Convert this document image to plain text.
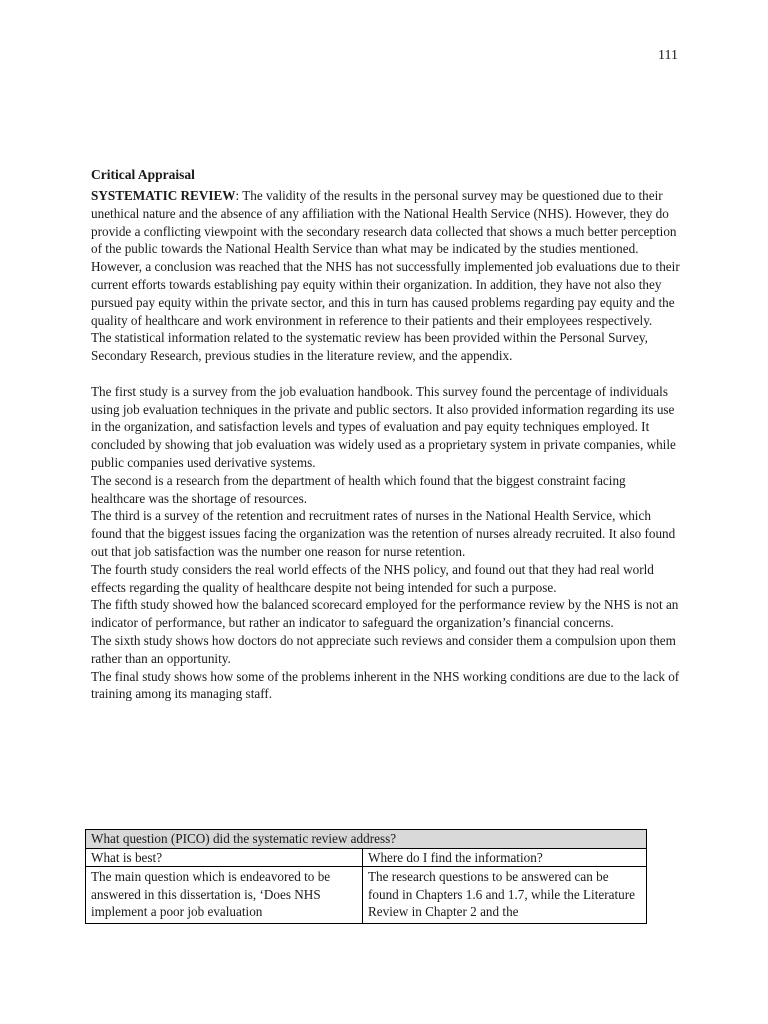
111
Critical Appraisal

SYSTEMATIC REVIEW: The validity of the results in the personal survey may be questioned due to their unethical nature and the absence of any affiliation with the National Health Service (NHS). However, they do provide a conflicting viewpoint with the secondary research data collected that shows a much better perception of the public towards the National Health Service than what may be indicated by the studies mentioned. However, a conclusion was reached that the NHS has not successfully implemented job evaluations due to their current efforts towards establishing pay equity within their organization. In addition, they have not also they pursued pay equity within the private sector, and this in turn has caused problems regarding pay equity and the quality of healthcare and work environment in reference to their patients and their employees respectively.

The statistical information related to the systematic review has been provided within the Personal Survey, Secondary Research, previous studies in the literature review, and the appendix.

The first study is a survey from the job evaluation handbook. This survey found the percentage of individuals using job evaluation techniques in the private and public sectors. It also provided information regarding its use in the organization, and satisfaction levels and types of evaluation and pay equity techniques employed. It concluded by showing that job evaluation was widely used as a proprietary system in private companies, while public companies used derivative systems.

The second is a research from the department of health which found that the biggest constraint facing healthcare was the shortage of resources.

The third is a survey of the retention and recruitment rates of nurses in the National Health Service, which found that the biggest issues facing the organization was the retention of nurses already recruited. It also found out that job satisfaction was the number one reason for nurse retention.

The fourth study considers the real world effects of the NHS policy, and found out that they had real world effects regarding the quality of healthcare despite not being intended for such a purpose.

The fifth study showed how the balanced scorecard employed for the performance review by the NHS is not an indicator of performance, but rather an indicator to safeguard the organization’s financial concerns.

The sixth study shows how doctors do not appreciate such reviews and consider them a compulsion upon them rather than an opportunity.

The final study shows how some of the problems inherent in the NHS working conditions are due to the lack of training among its managing staff.

What question (PICO) did the systematic review address?	
What is best?	Where do I find the information?

The main question which is endeavored to be answered in this dissertation is, ‘Does NHS implement a poor job evaluation	The research questions to be answered can be found in Chapters 1.6 and 1.7, while the Literature Review in Chapter 2 and the
